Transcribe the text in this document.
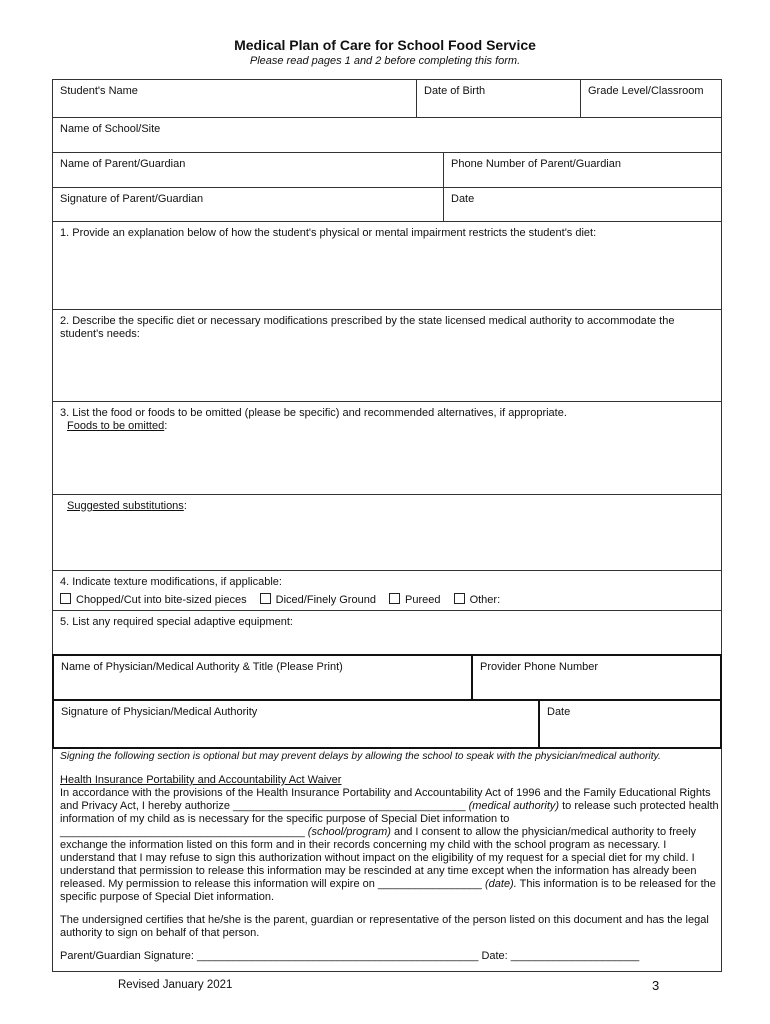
Medical Plan of Care for School Food Service
Please read pages 1 and 2 before completing this form.
Student's Name	Date of Birth	Grade Level/Classroom
Name of School/Site
Name of Parent/Guardian	Phone Number of Parent/Guardian
Signature of Parent/Guardian	Date
1. Provide an explanation below of how the student's physical or mental impairment restricts the student's diet:
2. Describe the specific diet or necessary modifications prescribed by the state licensed medical authority to accommodate the student's needs:
3. List the food or foods to be omitted (please be specific) and recommended alternatives, if appropriate.
Foods to be omitted:
Suggested substitutions:
4. Indicate texture modifications, if applicable:
Chopped/Cut into bite-sized pieces	Diced/Finely Ground	Pureed	Other:
5. List any required special adaptive equipment:
Name of Physician/Medical Authority & Title (Please Print)	Provider Phone Number
Signature of Physician/Medical Authority	Date
Signing the following section is optional but may prevent delays by allowing the school to speak with the physician/medical authority.

Health Insurance Portability and Accountability Act Waiver

In accordance with the provisions of the Health Insurance Portability and Accountability Act of 1996 and the Family Educational Rights and Privacy Act, I hereby authorize ______________________________________ (medical authority) to release such protected health information of my child as is necessary for the specific purpose of Special Diet information to ________________________________________ (school/program) and I consent to allow the physician/medical authority to freely exchange the information listed on this form and in their records concerning my child with the school program as necessary. I understand that I may refuse to sign this authorization without impact on the eligibility of my request for a special diet for my child. I understand that permission to release this information may be rescinded at any time except when the information has already been released. My permission to release this information will expire on _________________ (date). This information is to be released for the specific purpose of Special Diet information.

The undersigned certifies that he/she is the parent, guardian or representative of the person listed on this document and has the legal authority to sign on behalf of that person.

Parent/Guardian Signature: ______________________________________________ Date: _____________________

Revised January 2021	3
